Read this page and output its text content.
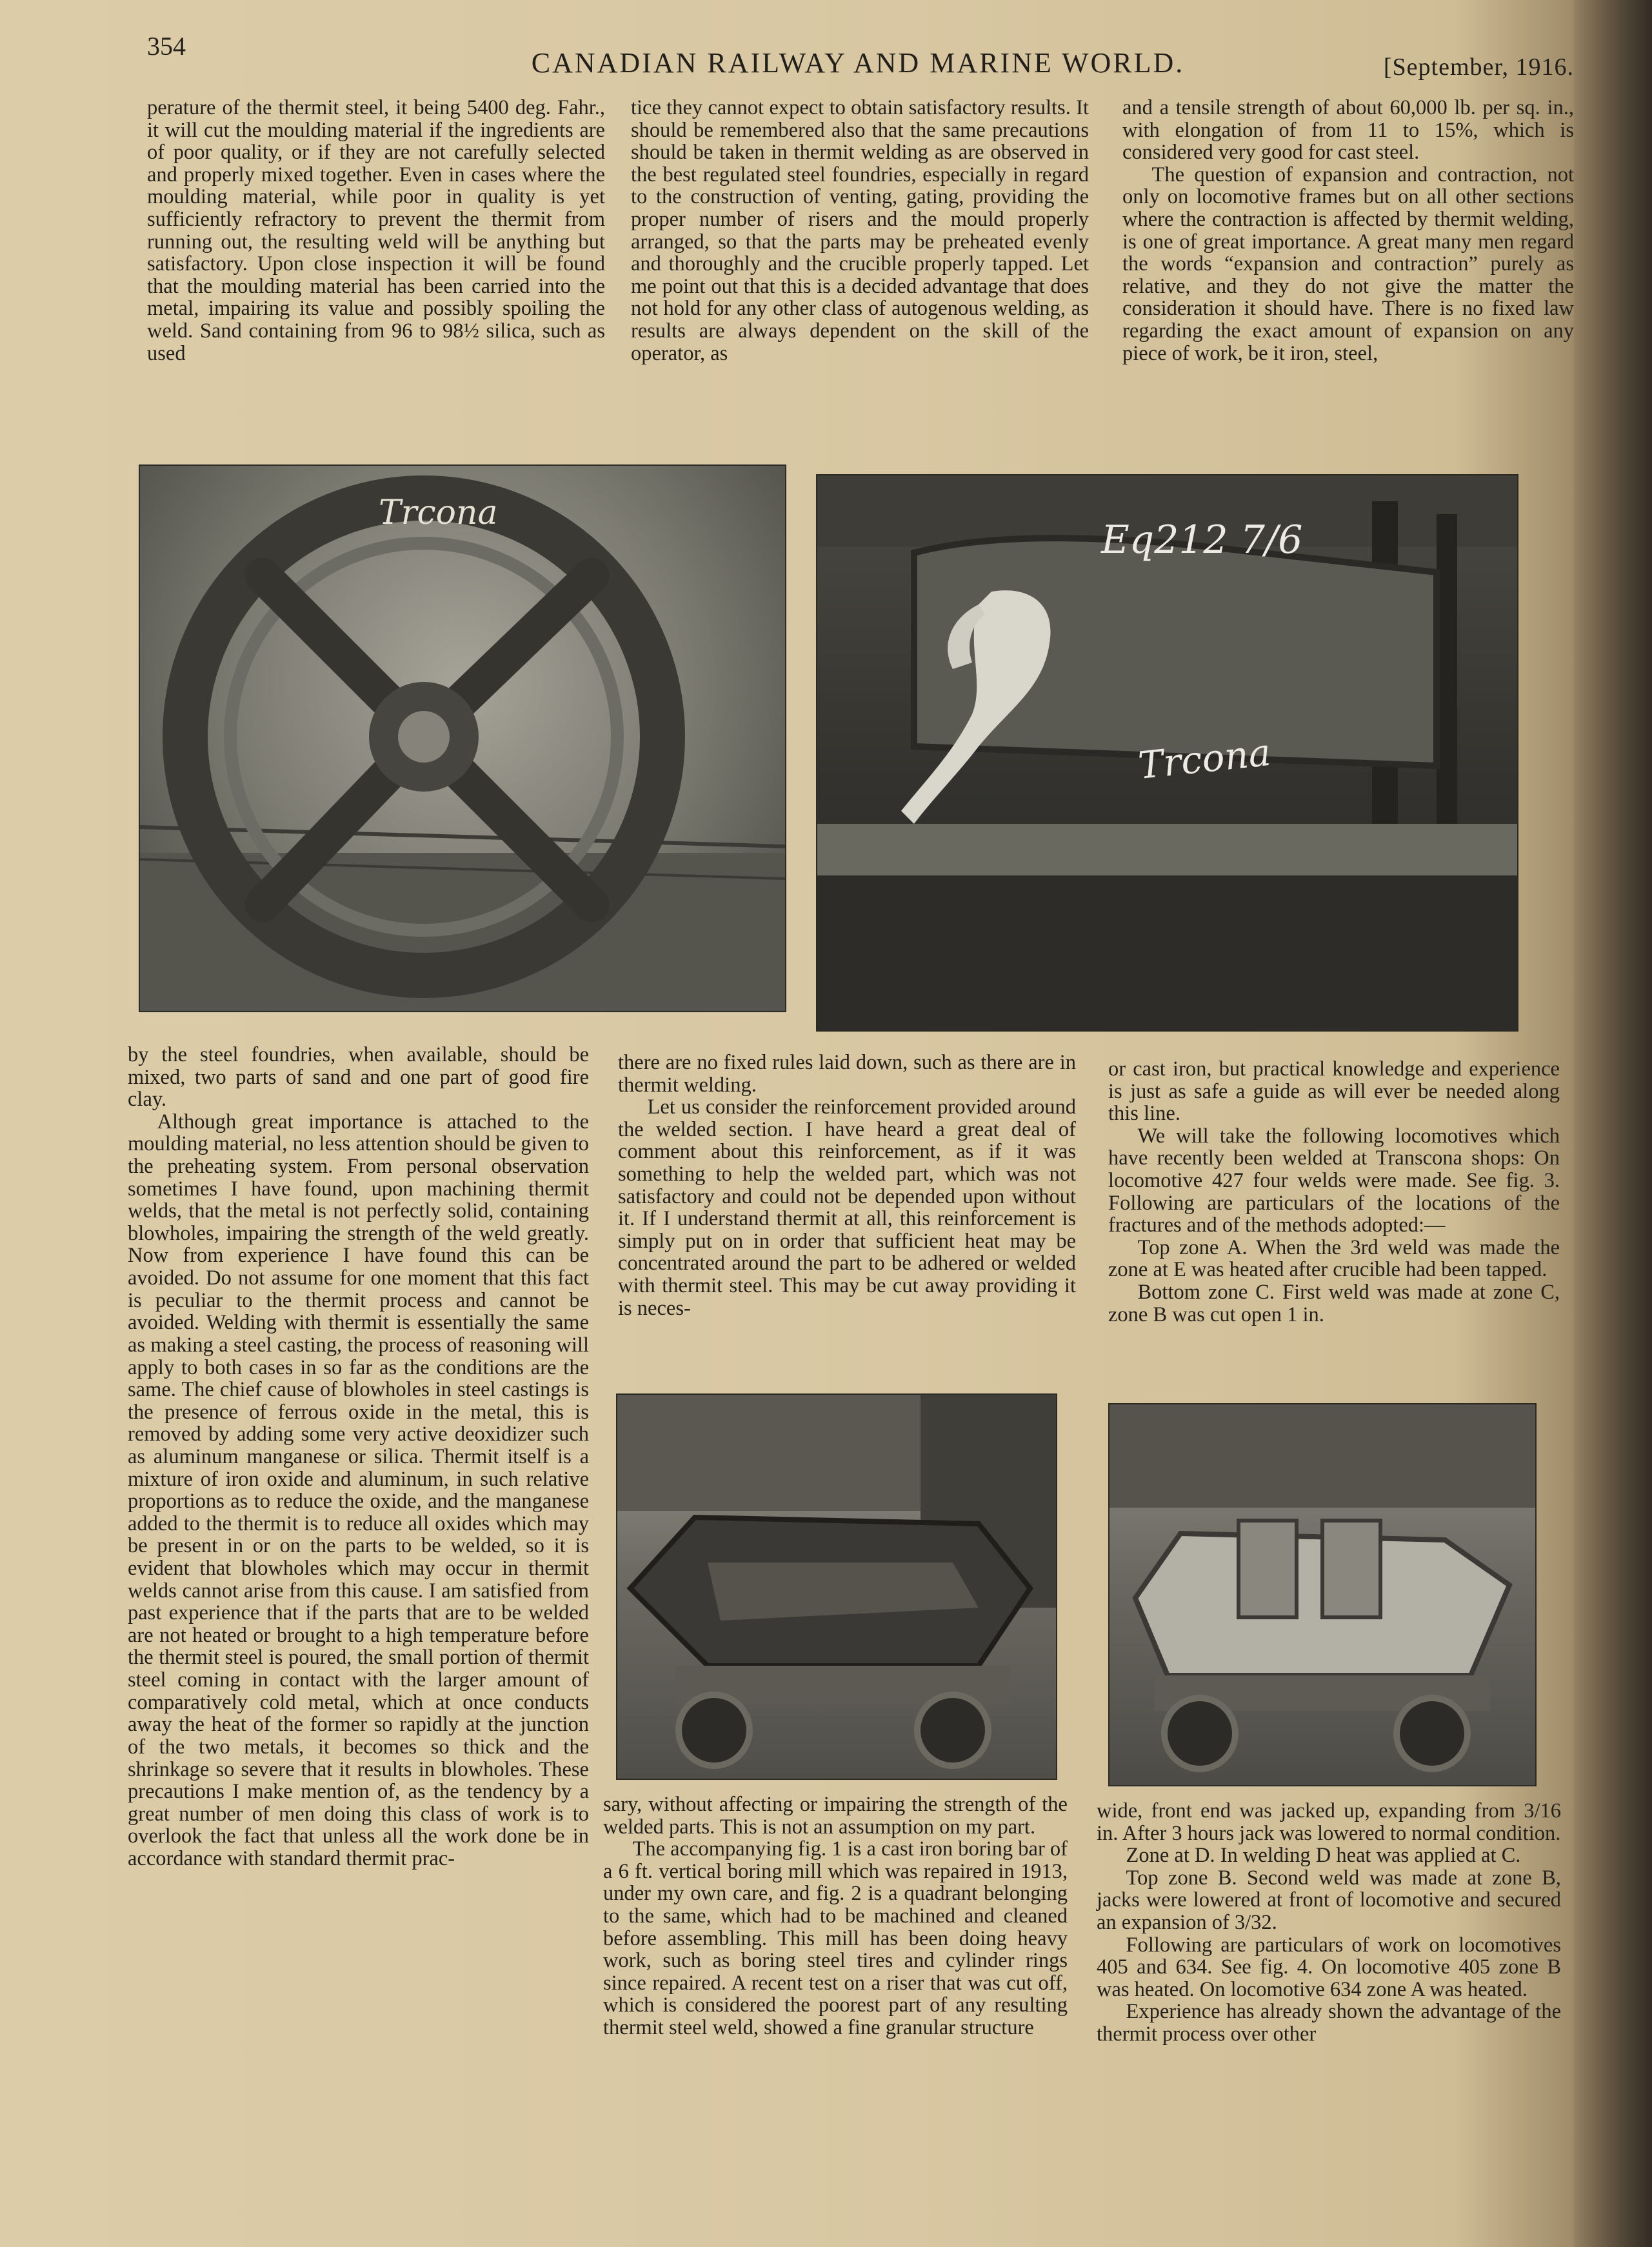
354
CANADIAN RAILWAY AND MARINE WORLD.	[September, 1916.

perature of the thermit steel, it being 5400 deg. Fahr., it will cut the moulding material if the ingredients are of poor quality, or if they are not carefully selected and properly mixed together. Even in cases where the moulding material, while poor in quality is yet sufficiently refractory to prevent the thermit from running out, the resulting weld will be anything but satisfactory. Upon close inspection it will be found that the moulding material has been carried into the metal, impairing its value and possibly spoiling the weld. Sand containing from 96 to 98½ silica, such as used

tice they cannot expect to obtain satisfactory results. It should be remembered also that the same precautions should be taken in thermit welding as are observed in the best regulated steel foundries, especially in regard to the construction of venting, gating, providing the proper number of risers and the mould properly arranged, so that the parts may be preheated evenly and thoroughly and the crucible properly tapped. Let me point out that this is a decided advantage that does not hold for any other class of autogenous welding, as results are always dependent on the skill of the operator, as

and a tensile strength of about 60,000 lb. per sq. in., with elongation of from 11 to 15%, which is considered very good for cast steel.

The question of expansion and contraction, not only on locomotive frames but on all other sections where the contraction is affected by thermit welding, is one of great importance. A great many men regard the words “expansion and contraction” purely as relative, and they do not give the matter the consideration it should have. There is no fixed law regarding the exact amount of expansion on any piece of work, be it iron, steel,

Trcona
Eq212 7/6
Trcona

by the steel foundries, when available, should be mixed, two parts of sand and one part of good fire clay.

Although great importance is attached to the moulding material, no less attention should be given to the preheating system. From personal observation sometimes I have found, upon machining thermit welds, that the metal is not perfectly solid, containing blowholes, impairing the strength of the weld greatly. Now from experience I have found this can be avoided. Do not assume for one moment that this fact is peculiar to the thermit process and cannot be avoided. Welding with thermit is essentially the same as making a steel casting, the process of reasoning will apply to both cases in so far as the conditions are the same. The chief cause of blowholes in steel castings is the presence of ferrous oxide in the metal, this is removed by adding some very active deoxidizer such as aluminum manganese or silica. Thermit itself is a mixture of iron oxide and aluminum, in such relative proportions as to reduce the oxide, and the manganese added to the thermit is to reduce all oxides which may be present in or on the parts to be welded, so it is evident that blowholes which may occur in thermit welds cannot arise from this cause. I am satisfied from past experience that if the parts that are to be welded are not heated or brought to a high temperature before the thermit steel is poured, the small portion of thermit steel coming in contact with the larger amount of comparatively cold metal, which at once conducts away the heat of the former so rapidly at the junction of the two metals, it becomes so thick and the shrinkage so severe that it results in blowholes. These precautions I make mention of, as the tendency by a great number of men doing this class of work is to overlook the fact that unless all the work done be in accordance with standard thermit prac-

there are no fixed rules laid down, such as there are in thermit welding.

Let us consider the reinforcement provided around the welded section. I have heard a great deal of comment about this reinforcement, as if it was something to help the welded part, which was not satisfactory and could not be depended upon without it. If I understand thermit at all, this reinforcement is simply put on in order that sufficient heat may be concentrated around the part to be adhered or welded with thermit steel. This may be cut away providing it is neces-

or cast iron, but practical knowledge and experience is just as safe a guide as will ever be needed along this line.

We will take the following locomotives which have recently been welded at Transcona shops: On locomotive 427 four welds were made. See fig. 3. Following are particulars of the locations of the fractures and of the methods adopted:—

Top zone A. When the 3rd weld was made the zone at E was heated after crucible had been tapped.

Bottom zone C. First weld was made at zone C, zone B was cut open 1 in.

sary, without affecting or impairing the strength of the welded parts. This is not an assumption on my part.

The accompanying fig. 1 is a cast iron boring bar of a 6 ft. vertical boring mill which was repaired in 1913, under my own care, and fig. 2 is a quadrant belonging to the same, which had to be machined and cleaned before assembling. This mill has been doing heavy work, such as boring steel tires and cylinder rings since repaired. A recent test on a riser that was cut off, which is considered the poorest part of any resulting thermit steel weld, showed a fine granular structure

wide, front end was jacked up, expanding from 3/16 in. After 3 hours jack was lowered to normal condition.

Zone at D. In welding D heat was applied at C.

Top zone B. Second weld was made at zone B, jacks were lowered at front of locomotive and secured an expansion of 3/32.

Following are particulars of work on locomotives 405 and 634. See fig. 4. On locomotive 405 zone B was heated. On locomotive 634 zone A was heated.

Experience has already shown the advantage of the thermit process over other
